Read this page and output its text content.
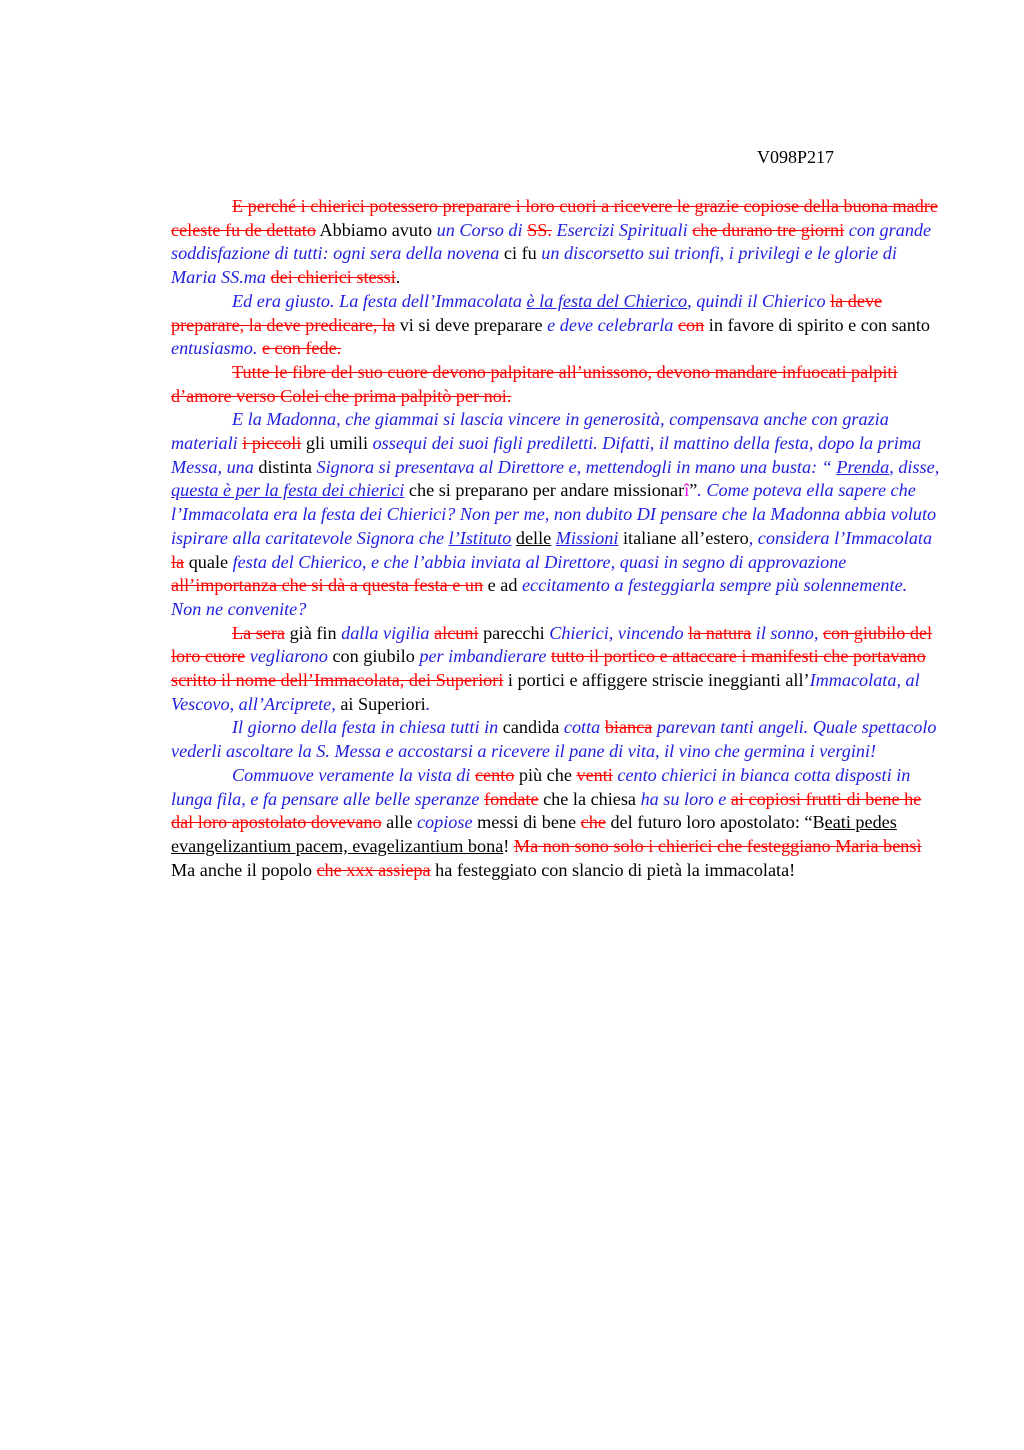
V098P217

E perché i chierici potessero preparare i loro cuori a ricevere le grazie copiose della buona madre celeste fu de dettato Abbiamo avuto un Corso di SS. Esercizi Spirituali che durano tre giorni con grande soddisfazione di tutti: ogni sera della novena ci fu un discorsetto sui trionfi, i privilegi e le glorie di Maria SS.ma dei chierici stessi.

Ed era giusto. La festa dell’Immacolata è la festa del Chierico, quindi il Chierico la deve preparare, la deve predicare, la vi si deve preparare e deve celebrarla con in favore di spirito e con santo entusiasmo. e con fede.

Tutte le fibre del suo cuore devono palpitare all’unissono, devono mandare infuocati palpiti d’amore verso Colei che prima palpitò per noi.

E la Madonna, che giammai si lascia vincere in generosità, compensava anche con grazia materiali i piccoli gli umili ossequi dei suoi figli prediletti. Difatti, il mattino della festa, dopo la prima Messa, una distinta Signora si presentava al Direttore e, mettendogli in mano una busta: “ Prenda, disse, questa è per la festa dei chierici che si preparano per andare missionarî”. Come poteva ella sapere che l’Immacolata era la festa dei Chierici? Non per me, non dubito DI pensare che la Madonna abbia voluto ispirare alla caritatevole Signora che l’Istituto delle Missioni italiane all’estero, considera l’Immacolata la quale festa del Chierico, e che l’abbia inviata al Direttore, quasi in segno di approvazione all’importanza che si dà a questa festa e un e ad eccitamento a festeggiarla sempre più solennemente. Non ne convenite?

La sera già fin dalla vigilia alcuni parecchi Chierici, vincendo la natura il sonno, con giubilo del loro cuore vegliarono con giubilo per imbandierare tutto il portico e attaccare i manifesti che portavano scritto il nome dell’Immacolata, dei Superiori i portici e affiggere striscie ineggianti all’Immacolata, al Vescovo, all’Arciprete, ai Superiori.

Il giorno della festa in chiesa tutti in candida cotta bianca parevan tanti angeli. Quale spettacolo vederli ascoltare la S. Messa e accostarsi a ricevere il pane di vita, il vino che germina i vergini!

Commuove veramente la vista di cento più che venti cento chierici in bianca cotta disposti in lunga fila, e fa pensare alle belle speranze fondate che la chiesa ha su loro e ai copiosi frutti di bene he dal loro apostolato dovevano alle copiose messi di bene che del futuro loro apostolato: “Beati pedes evangelizantium pacem, evagelizantium bona! Ma non sono solo i chierici che festeggiano Maria bensì Ma anche il popolo che xxx assiepa ha festeggiato con slancio di pietà la immacolata!
